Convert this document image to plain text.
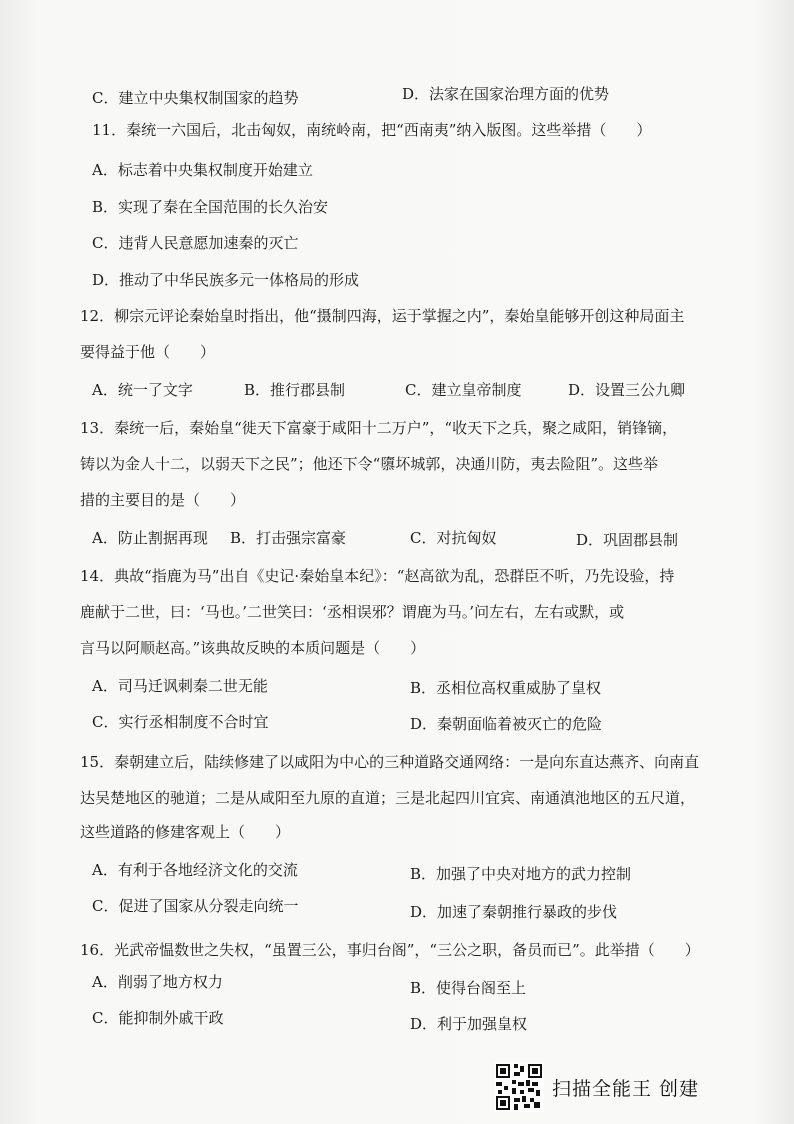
C．建立中央集权制国家的趋势	D．法家在国家治理方面的优势
11．秦统一六国后，北击匈奴，南统岭南，把“西南夷”纳入版图。这些举措（　　）
A．标志着中央集权制度开始建立
B．实现了秦在全国范围的长久治安
C．违背人民意愿加速秦的灭亡
D．推动了中华民族多元一体格局的形成
12．柳宗元评论秦始皇时指出，他“摄制四海，运于掌握之内”，秦始皇能够开创这种局面主
要得益于他（　　）
A．统一了文字	B．推行郡县制	C．建立皇帝制度	D．设置三公九卿
13．秦统一后，秦始皇“徙天下富豪于咸阳十二万户”，“收天下之兵，聚之咸阳，销锋镝，
铸以为金人十二，以弱天下之民”；他还下令“隳坏城郭，决通川防，夷去险阻”。这些举
措的主要目的是（　　）
A．防止割据再现 B．打击强宗富豪	C．对抗匈奴	D．巩固郡县制
14．典故“指鹿为马”出自《史记·秦始皇本纪》：“赵高欲为乱，恐群臣不听，乃先设验，持
鹿献于二世，曰：‘马也。’二世笑曰：‘丞相误邪？谓鹿为马。’问左右，左右或默，或
言马以阿顺赵高。”该典故反映的本质问题是（　　）
A．司马迁讽刺秦二世无能	B．丞相位高权重威胁了皇权
C．实行丞相制度不合时宜	D．秦朝面临着被灭亡的危险
15．秦朝建立后，陆续修建了以咸阳为中心的三种道路交通网络：一是向东直达燕齐、向南直
达吴楚地区的驰道；二是从咸阳至九原的直道；三是北起四川宜宾、南通滇池地区的五尺道，
这些道路的修建客观上（　　）
A．有利于各地经济文化的交流	B．加强了中央对地方的武力控制
C．促进了国家从分裂走向统一	D．加速了秦朝推行暴政的步伐
16．光武帝愠数世之失权，“虽置三公，事归台阁”，“三公之职，备员而已”。此举措（　　）
A．削弱了地方权力	B．使得台阁至上
C．能抑制外戚干政	D．利于加强皇权
扫描全能王 创建
